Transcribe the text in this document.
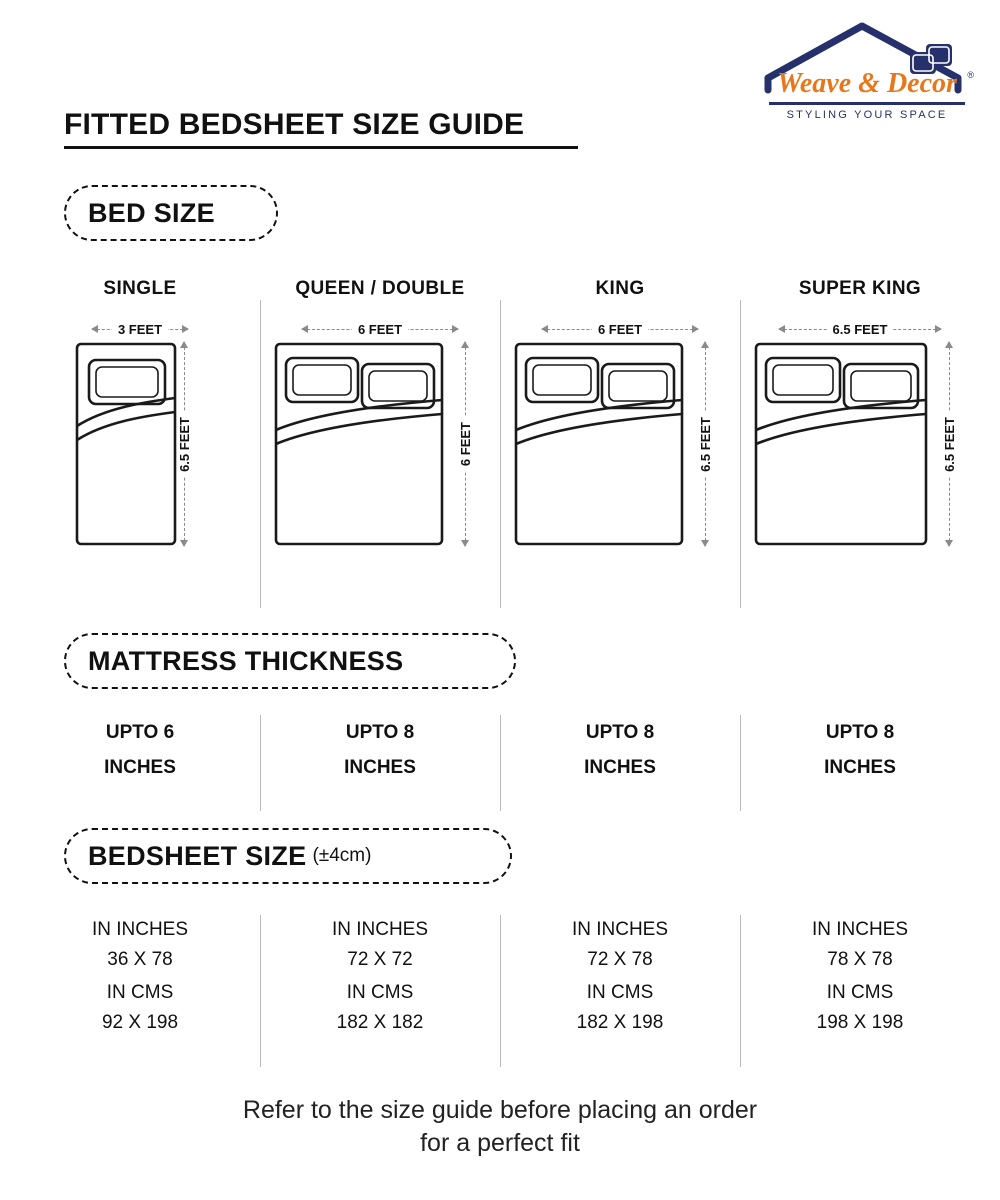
Weave & Decor
STYLING YOUR SPACE
®
FITTED BEDSHEET SIZE GUIDE
BED SIZE
SINGLE
3 FEET
6.5 FEET
QUEEN / DOUBLE
6 FEET
6 FEET
KING
6 FEET
6.5 FEET
SUPER KING
6.5 FEET
6.5 FEET
MATTRESS THICKNESS
UPTO 6
INCHES
UPTO 8
INCHES
UPTO 8
INCHES
UPTO 8
INCHES
BEDSHEET SIZE (±4cm)
IN INCHES
36 X 78
IN CMS
92 X 198
IN INCHES
72 X 72
IN CMS
182 X 182
IN INCHES
72 X 78
IN CMS
182 X 198
IN INCHES
78 X 78
IN CMS
198 X 198
Refer to the size guide before placing an order
for a perfect fit
